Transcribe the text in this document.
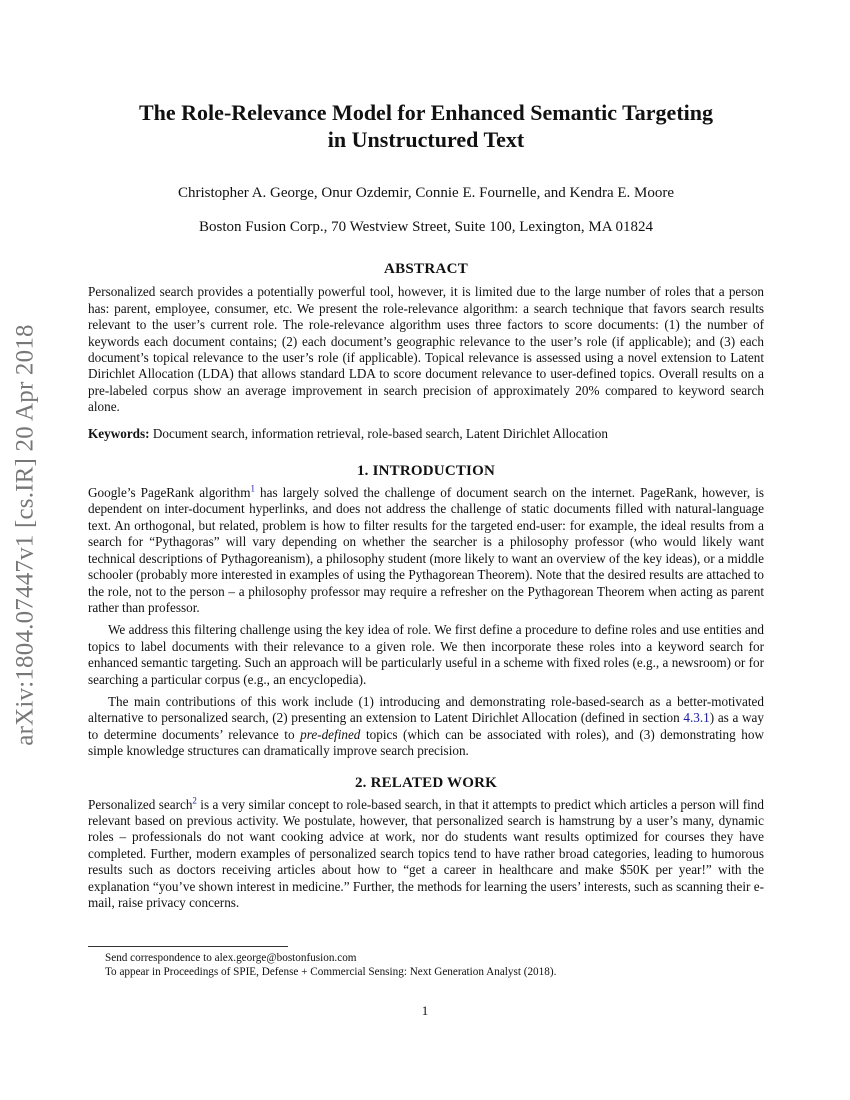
arXiv:1804.07447v1 [cs.IR] 20 Apr 2018
The Role-Relevance Model for Enhanced Semantic Targeting
in Unstructured Text
Christopher A. George, Onur Ozdemir, Connie E. Fournelle, and Kendra E. Moore
Boston Fusion Corp., 70 Westview Street, Suite 100, Lexington, MA 01824
ABSTRACT

Personalized search provides a potentially powerful tool, however, it is limited due to the large number of roles that a person has: parent, employee, consumer, etc. We present the role-relevance algorithm: a search technique that favors search results relevant to the user’s current role. The role-relevance algorithm uses three factors to score documents: (1) the number of keywords each document contains; (2) each document’s geographic relevance to the user’s role (if applicable); and (3) each document’s topical relevance to the user’s role (if applicable). Topical relevance is assessed using a novel extension to Latent Dirichlet Allocation (LDA) that allows standard LDA to score document relevance to user-defined topics. Overall results on a pre-labeled corpus show an average improvement in search precision of approximately 20% compared to keyword search alone.

Keywords: Document search, information retrieval, role-based search, Latent Dirichlet Allocation

1. INTRODUCTION

Google’s PageRank algorithm$^1$ has largely solved the challenge of document search on the internet. PageRank, however, is dependent on inter-document hyperlinks, and does not address the challenge of static documents filled with natural-language text. An orthogonal, but related, problem is how to filter results for the targeted end-user: for example, the ideal results from a search for “Pythagoras” will vary depending on whether the searcher is a philosophy professor (who would likely want technical descriptions of Pythagoreanism), a philosophy student (more likely to want an overview of the key ideas), or a middle schooler (probably more interested in examples of using the Pythagorean Theorem). Note that the desired results are attached to the role, not to the person – a philosophy professor may require a refresher on the Pythagorean Theorem when acting as parent rather than professor.

We address this filtering challenge using the key idea of role. We first define a procedure to define roles and use entities and topics to label documents with their relevance to a given role. We then incorporate these roles into a keyword search for enhanced semantic targeting. Such an approach will be particularly useful in a scheme with fixed roles (e.g., a newsroom) or for searching a particular corpus (e.g., an encyclopedia).

The main contributions of this work include (1) introducing and demonstrating role-based-search as a better-motivated alternative to personalized search, (2) presenting an extension to Latent Dirichlet Allocation (defined in section 4.3.1) as a way to determine documents’ relevance to pre-defined topics (which can be associated with roles), and (3) demonstrating how simple knowledge structures can dramatically improve search precision.

2. RELATED WORK

Personalized search$^2$ is a very similar concept to role-based search, in that it attempts to predict which articles a person will find relevant based on previous activity. We postulate, however, that personalized search is hamstrung by a user’s many, dynamic roles – professionals do not want cooking advice at work, nor do students want results optimized for courses they have completed. Further, modern examples of personalized search topics tend to have rather broad categories, leading to humorous results such as doctors receiving articles about how to “get a career in healthcare and make $50K per year!” with the explanation “you’ve shown interest in medicine.” Further, the methods for learning the users’ interests, such as scanning their e-mail, raise privacy concerns.

Send correspondence to alex.george@bostonfusion.com
To appear in Proceedings of SPIE, Defense + Commercial Sensing: Next Generation Analyst (2018).
1
